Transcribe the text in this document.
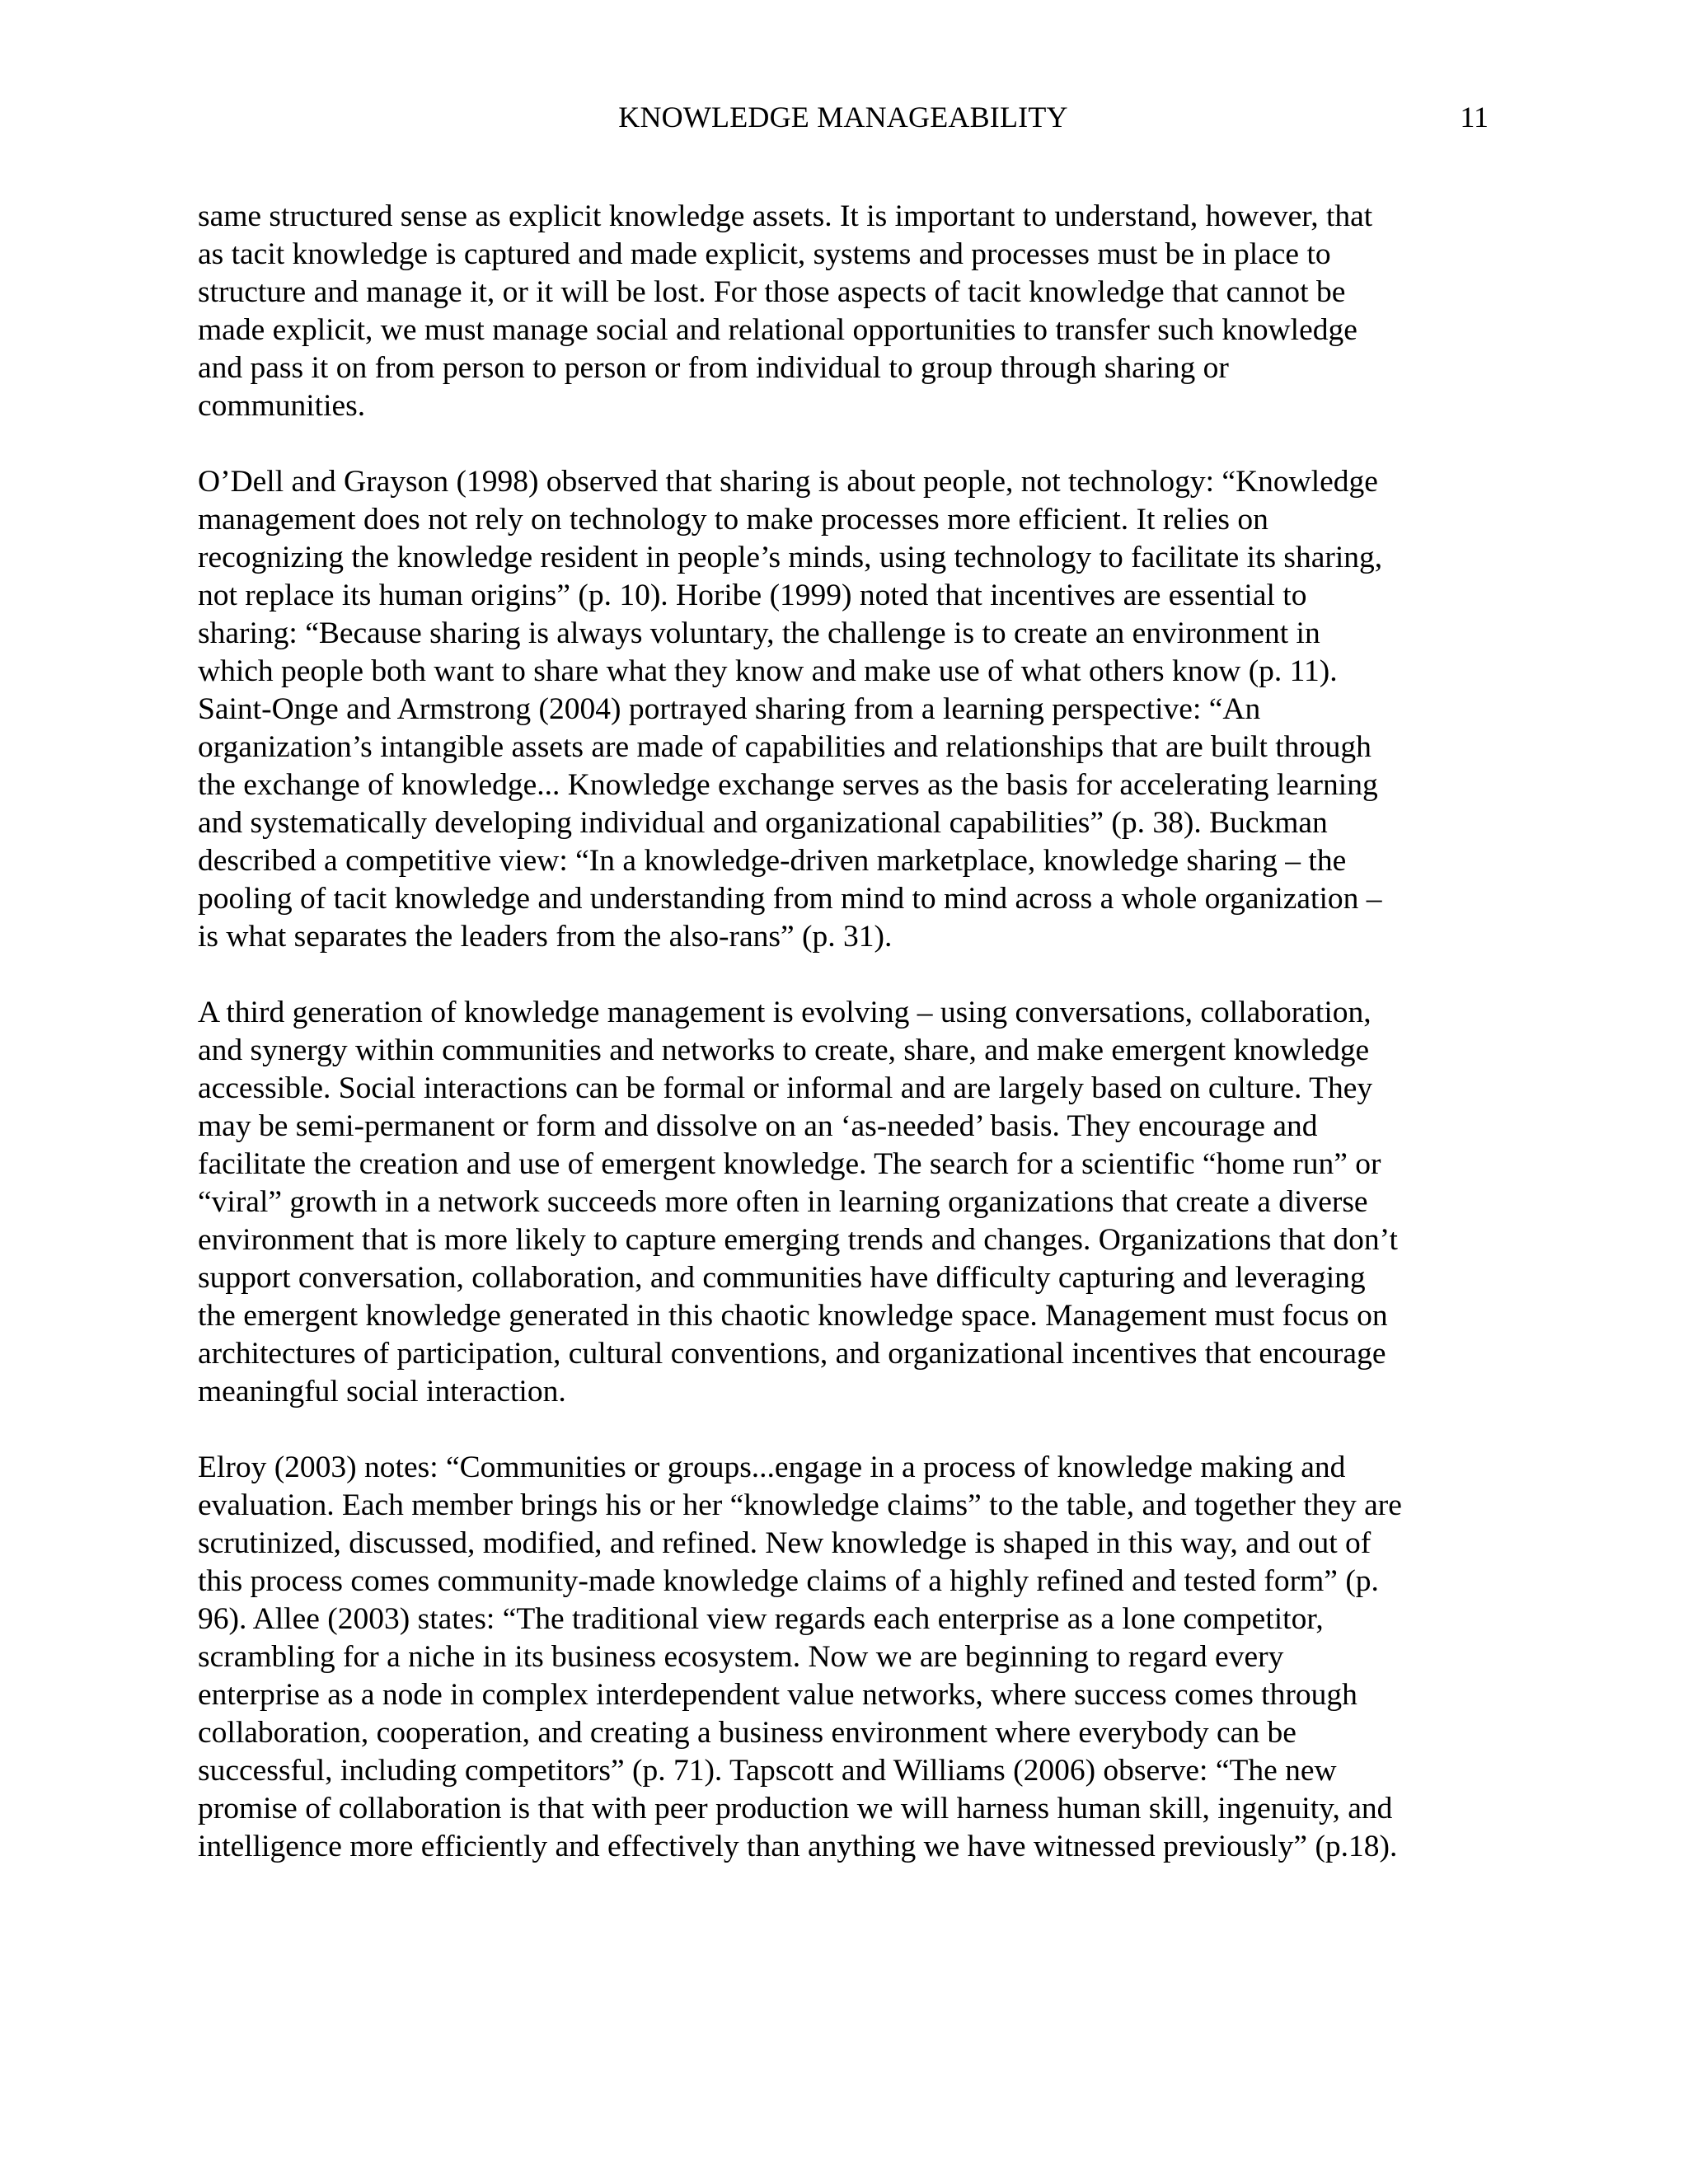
KNOWLEDGE MANAGEABILITY	11
same structured sense as explicit knowledge assets. It is important to understand, however, that
as tacit knowledge is captured and made explicit, systems and processes must be in place to
structure and manage it, or it will be lost. For those aspects of tacit knowledge that cannot be
made explicit, we must manage social and relational opportunities to transfer such knowledge
and pass it on from person to person or from individual to group through sharing or
communities.
O’Dell and Grayson (1998) observed that sharing is about people, not technology: “Knowledge
management does not rely on technology to make processes more efficient. It relies on
recognizing the knowledge resident in people’s minds, using technology to facilitate its sharing,
not replace its human origins” (p. 10). Horibe (1999) noted that incentives are essential to
sharing: “Because sharing is always voluntary, the challenge is to create an environment in
which people both want to share what they know and make use of what others know (p. 11).
Saint-Onge and Armstrong (2004) portrayed sharing from a learning perspective: “An
organization’s intangible assets are made of capabilities and relationships that are built through
the exchange of knowledge... Knowledge exchange serves as the basis for accelerating learning
and systematically developing individual and organizational capabilities” (p. 38). Buckman
described a competitive view: “In a knowledge-driven marketplace, knowledge sharing – the
pooling of tacit knowledge and understanding from mind to mind across a whole organization –
is what separates the leaders from the also-rans” (p. 31).
A third generation of knowledge management is evolving – using conversations, collaboration,
and synergy within communities and networks to create, share, and make emergent knowledge
accessible. Social interactions can be formal or informal and are largely based on culture. They
may be semi-permanent or form and dissolve on an ‘as-needed’ basis. They encourage and
facilitate the creation and use of emergent knowledge. The search for a scientific “home run” or
“viral” growth in a network succeeds more often in learning organizations that create a diverse
environment that is more likely to capture emerging trends and changes. Organizations that don’t
support conversation, collaboration, and communities have difficulty capturing and leveraging
the emergent knowledge generated in this chaotic knowledge space. Management must focus on
architectures of participation, cultural conventions, and organizational incentives that encourage
meaningful social interaction.
Elroy (2003) notes: “Communities or groups...engage in a process of knowledge making and
evaluation. Each member brings his or her “knowledge claims” to the table, and together they are
scrutinized, discussed, modified, and refined. New knowledge is shaped in this way, and out of
this process comes community-made knowledge claims of a highly refined and tested form” (p.
96). Allee (2003) states: “The traditional view regards each enterprise as a lone competitor,
scrambling for a niche in its business ecosystem. Now we are beginning to regard every
enterprise as a node in complex interdependent value networks, where success comes through
collaboration, cooperation, and creating a business environment where everybody can be
successful, including competitors” (p. 71). Tapscott and Williams (2006) observe: “The new
promise of collaboration is that with peer production we will harness human skill, ingenuity, and
intelligence more efficiently and effectively than anything we have witnessed previously” (p.18).
